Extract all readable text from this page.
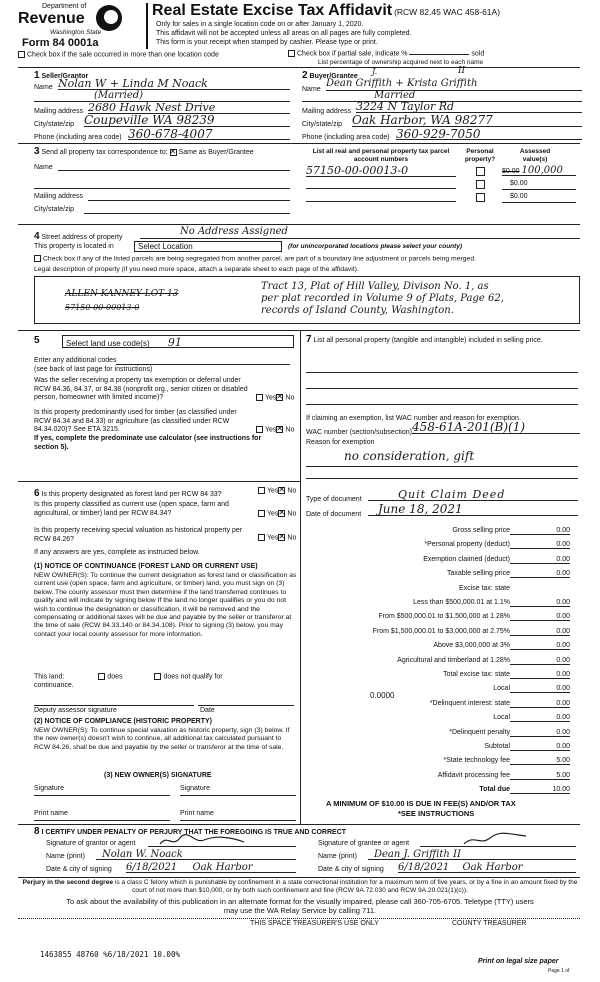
Department of
Revenue
Washington State
Form 84 0001a
Real Estate Excise Tax Affidavit (RCW 82.45 WAC 458-61A)
Only for sales in a single location code on or after January 1, 2020.
This affidavit will not be accepted unless all areas on all pages are fully completed.
This form is your receipt when stamped by cashier. Please type or print.
Check box if the sale occurred in more than one location code	Check box if partial sale, indicate %	sold
List percentage of ownership acquired next to each name
1 Seller/Grantor
Name Nolan W + Linda M Noack
(Married)
Mailing address 2680 Hawk Nest Drive
City/state/zip Coupeville WA 98239
Phone (including area code) 360-678-4007
2 Buyer/Grantee
J.	II
Name
Dean Griffith + Krista Griffith
Married
Mailing address 3224 N Taylor Rd
City/state/zip Oak Harbor, WA 98277
Phone (including area code) 360-929-7050
3 Send all property tax correspondence to: ✕ Same as Buyer/Grantee
Name
Mailing address
City/state/zip
List all real and personal property tax parcel account numbers
Personal property?
Assessed value(s)
57150-00-00013-0	$0.00 100,000
$0.00
$0.00
4 Street address of property
No Address Assigned
This property is located in	Select Location	(for unincorporated locations please select your county)
Check box if any of the listed parcels are being segregated from another parcel, are part of a boundary line adjustment or parcels being merged.
Legal description of property (if you need more space, attach a separate sheet to each page of the affidavit).
ALLEN KANNEY LOT 13
57150-00-00013-0
Tract 13, Plat of Hill Valley, Divison No. 1, as
per plat recorded in Volume 9 of Plats, Page 62,
records of Island County, Washington.
5	Select land use code(s) 91
Enter any additional codes
(see back of last page for instructions)
Was the seller receiving a property tax exemption or deferral under RCW 84.36, 84.37, or 84.38 (nonprofit org., senior citizen or disabled person, homeowner with limited income)?	Yes ✕ No
Is this property predominantly used for timber (as classified under RCW 84.34 and 84.33) or agriculture (as classified under RCW 84.34.020)? See ETA 3215.	Yes ✕ No
If yes, complete the predominate use calculator (see instructions for section 5).
6 Is this property designated as forest land per RCW 84 33?
Yes ✕ No
Is this property classified as current use (open space, farm and agricultural, or timber) land per RCW 84.34?	Yes ✕ No
Is this property receiving special valuation as historical property per RCW 84.26?	Yes ✕ No
If any answers are yes, complete as instructed below.
(1) NOTICE OF CONTINUANCE (FOREST LAND OR CURRENT USE)
NEW OWNER(S): To continue the current designation as forest land or classification as current use (open space, farm and agriculture, or timber) land, you must sign on (3) below. The county assessor must then determine if the land transferred continues to qualify and will indicate by signing below If the land no longer qualifies or you do not wish to continue the designation or classification, it will be removed and the compensating or additional taxes will be due and payable by the seller or transferor at the time of sale (RCW 84.33.140 or 84.34.108). Prior to signing (3) below, you may contact your local county assessor for more information.
This land:	does	does not qualify for
continuance.
Deputy assessor signature	Date
(2) NOTICE OF COMPLIANCE (HISTORIC PROPERTY)
NEW OWNER(S): To continue special valuation as historic property, sign (3) below. If the new owner(s) doesn't wish to continue, all additional tax calculated pursuant to RCW 84.26, shall be due and payable by the seller or transferor at the time of sale.
(3) NEW OWNER(S) SIGNATURE
Signature	Signature
Print name	Print name
7 List all personal property (tangible and intangible) included in selling price.
If claiming an exemption, list WAC number and reason for exemption.
WAC number (section/subsection) 458-61A-201(B)(1)
Reason for exemption
no consideration, gift
Type of document	Quit Claim Deed
Date of document	June 18, 2021
Gross selling price	0.00
*Personal property (deduct)	0.00
Exemption claimed (deduct)	0.00
Taxable selling price	0.00
Excise tax: state
Less than $500,000.01 at 1.1%	0.00
From $500,000.01 to $1,500,000 at 1.28%	0.00
From $1,500,000.01 to $3,000,000 at 2.75%	0.00
Above $3,000,000 at 3%	0.00
Agricultural and timberland at 1.28%	0.00
Total excise tax: state	0.00
Local	0.00
*Delinquent interest: state	0.00
Local	0.00
*Delinquent penalty	0.00
Subtotal	0.00
*State technology fee	5.00
Affidavit processing fee	5.00
Total due	10.00
0.0000
A MINIMUM OF $10.00 IS DUE IN FEE(S) AND/OR TAX
*SEE INSTRUCTIONS
8 I CERTIFY UNDER PENALTY OF PERJURY THAT THE FOREGOING IS TRUE AND CORRECT
Signature of grantor or agent
Name (print)	Nolan W. Noack
Date & city of signing 6/18/2021 Oak Harbor
Signature of grantee or agent
Name (print)	Dean J. Griffith II
Date & city of signing 6/18/2021 Oak Harbor
Perjury in the second degree is a class C felony which is punishable by confinement in a state correctional institution for a maximum term of five years, or by a fine in an amount fixed by the court of not more than $10,000, or by both such confinement and fine (RCW 9A.72.030 and RCW 9A.20.021(1)(c)).
To ask about the availability of this publication in an alternate format for the visually impaired, please call 360-705-6705. Teletype (TTY) users may use the WA Relay Service by calling 711.
THIS SPACE TREASURER'S USE ONLY	COUNTY TREASURER
1463855 48760 %6/18/2021 10.00%
Print on legal size paper
Page 1 of
